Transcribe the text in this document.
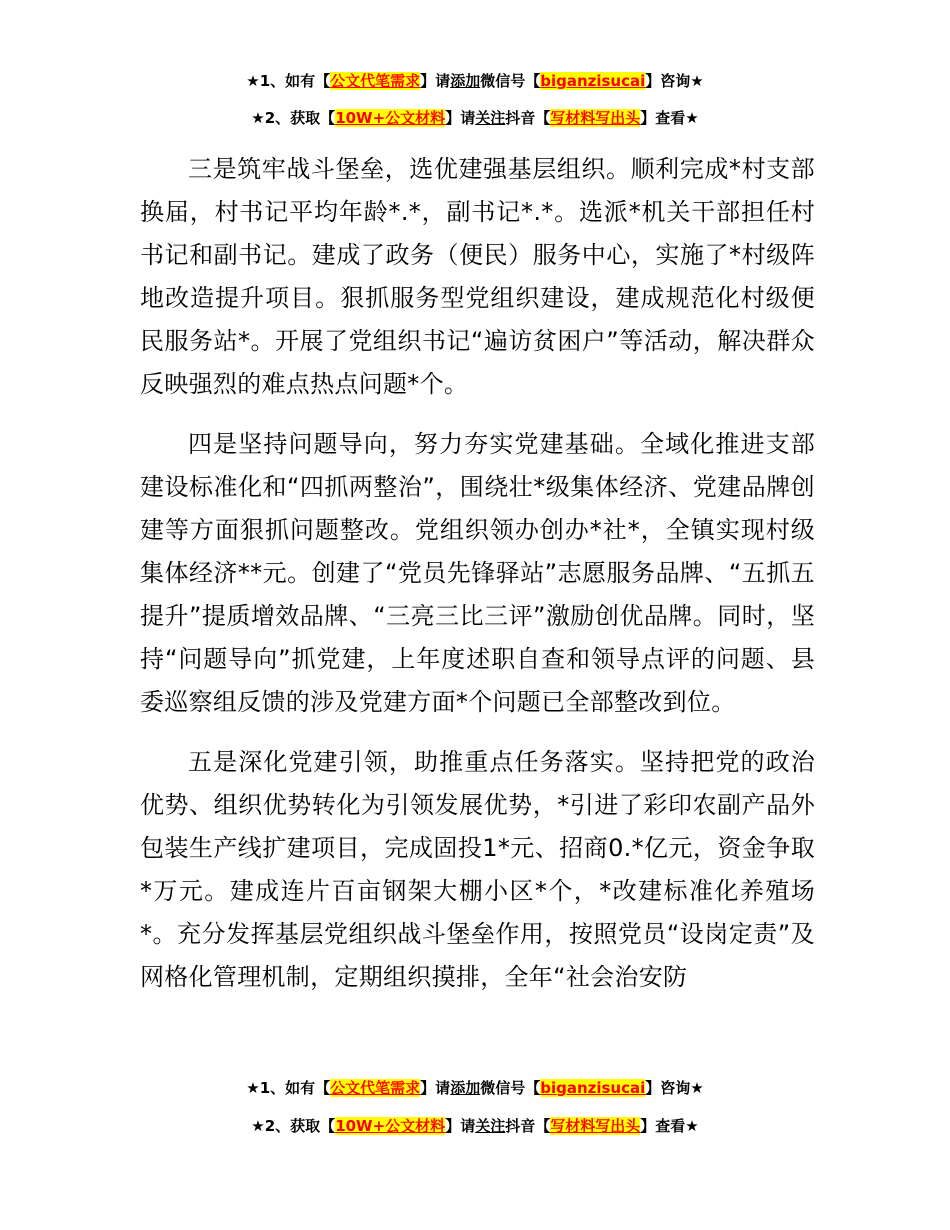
★1、如有【公文代笔需求】请添加微信号【biganzisucai】咨询★
★2、获取【10W+公文材料】请关注抖音【写材料写出头】查看★

三是筑牢战斗堡垒，选优建强基层组织。顺利完成*村支部换届，村书记平均年龄*.*，副书记*.*。选派*机关干部担任村书记和副书记。建成了政务（便民）服务中心，实施了*村级阵地改造提升项目。狠抓服务型党组织建设，建成规范化村级便民服务站*。开展了党组织书记“遍访贫困户”等活动，解决群众反映强烈的难点热点问题*个。

四是坚持问题导向，努力夯实党建基础。全域化推进支部建设标准化和“四抓两整治”，围绕壮*级集体经济、党建品牌创建等方面狠抓问题整改。党组织领办创办*社*，全镇实现村级集体经济**元。创建了“党员先锋驿站”志愿服务品牌、“五抓五提升”提质增效品牌、“三亮三比三评”激励创优品牌。同时，坚持“问题导向”抓党建，上年度述职自查和领导点评的问题、县委巡察组反馈的涉及党建方面*个问题已全部整改到位。

五是深化党建引领，助推重点任务落实。坚持把党的政治优势、组织优势转化为引领发展优势，*引进了彩印农副产品外包装生产线扩建项目，完成固投1*元、招商0.*亿元，资金争取*万元。建成连片百亩钢架大棚小区*个，*改建标准化养殖场*。充分发挥基层党组织战斗堡垒作用，按照党员“设岗定责”及网格化管理机制，定期组织摸排，全年“社会治安防

★1、如有【公文代笔需求】请添加微信号【biganzisucai】咨询★
★2、获取【10W+公文材料】请关注抖音【写材料写出头】查看★
